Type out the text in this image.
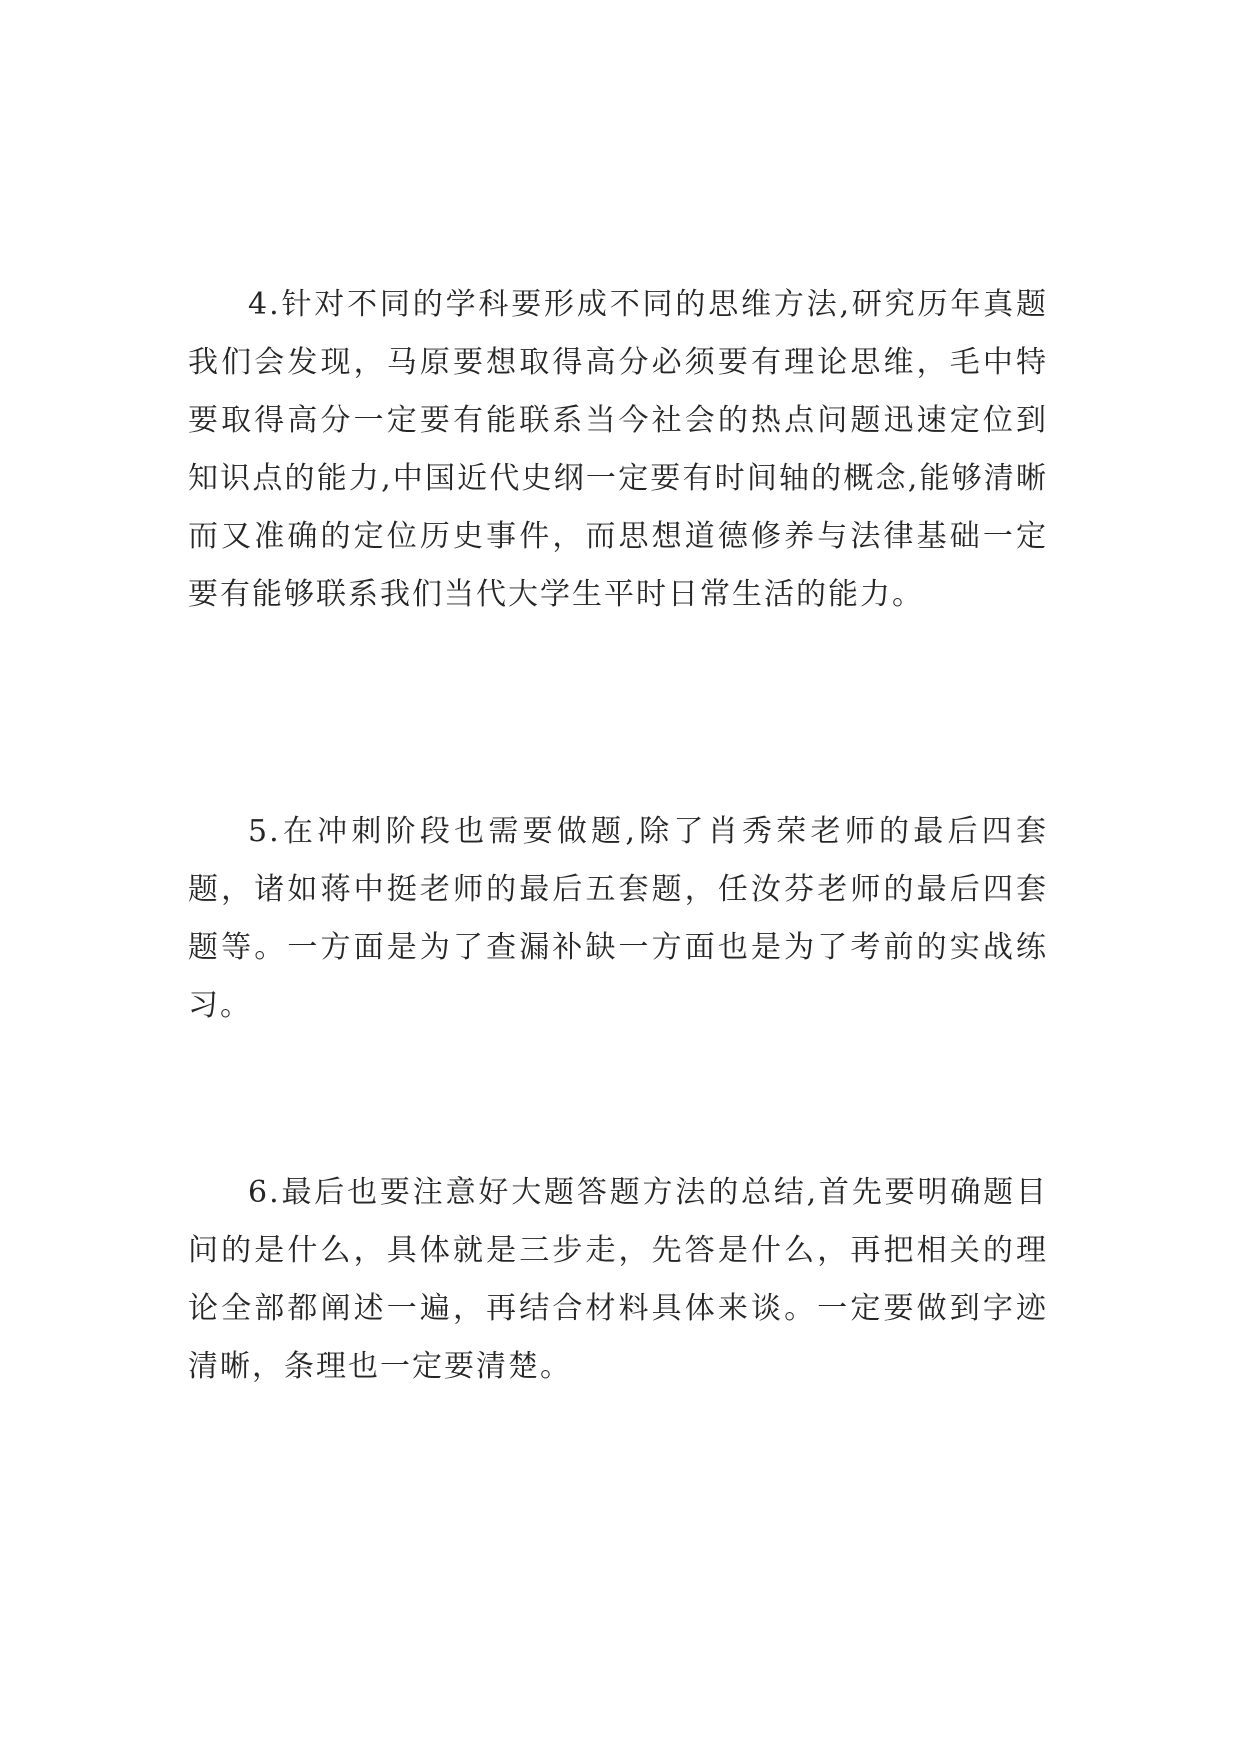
4.针对不同的学科要形成不同的思维方法,研究历年真题我们会发现，马原要想取得高分必须要有理论思维，毛中特要取得高分一定要有能联系当今社会的热点问题迅速定位到知识点的能力,中国近代史纲一定要有时间轴的概念,能够清晰而又准确的定位历史事件，而思想道德修养与法律基础一定要有能够联系我们当代大学生平时日常生活的能力。

5.在冲刺阶段也需要做题,除了肖秀荣老师的最后四套题，诸如蒋中挺老师的最后五套题，任汝芬老师的最后四套题等。一方面是为了查漏补缺一方面也是为了考前的实战练习。

6.最后也要注意好大题答题方法的总结,首先要明确题目问的是什么，具体就是三步走，先答是什么，再把相关的理论全部都阐述一遍，再结合材料具体来谈。一定要做到字迹清晰，条理也一定要清楚。
